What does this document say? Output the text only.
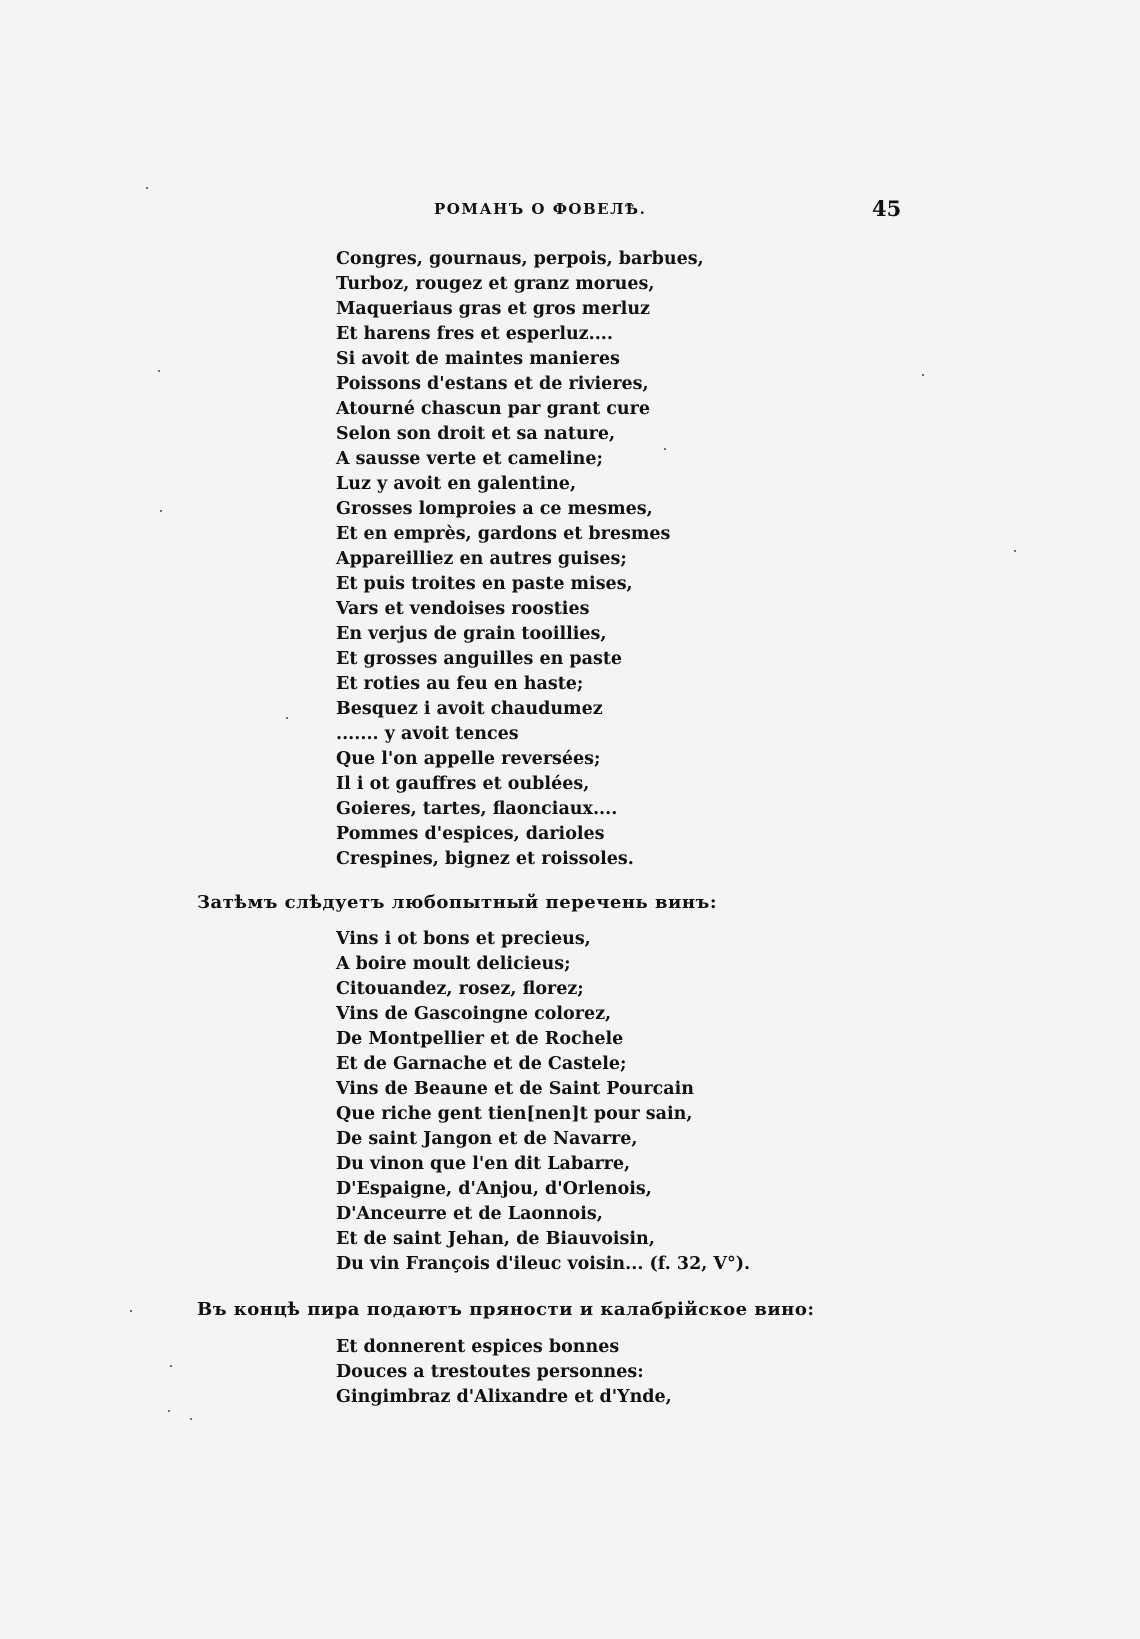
РОМАНЪ О ФОВЕЛѢ.	45
Congres, gournaus, perpois, barbues,
Turboz, rougez et granz morues,
Maqueriaus gras et gros merluz
Et harens fres et esperluz....
Si avoit de maintes manieres
Poissons d'estans et de rivieres,
Atourné chascun par grant cure
Selon son droit et sa nature,
A sausse verte et cameline;
Luz y avoit en galentine,
Grosses lomproies a ce mesmes,
Et en emprès, gardons et bresmes
Appareilliez en autres guises;
Et puis troites en paste mises,
Vars et vendoises roosties
En verjus de grain tooillies,
Et grosses anguilles en paste
Et roties au feu en haste;
Besquez i avoit chaudumez
....... y avoit tences
Que l'on appelle reversées;
Il i ot gauffres et oublées,
Goieres, tartes, flaonciaux....
Pommes d'espices, darioles
Crespines, bignez et roissoles.
Затѣмъ слѣдуетъ любопытный перечень винъ:
Vins i ot bons et precieus,
A boire moult delicieus;
Citouandez, rosez, florez;
Vins de Gascoingne colorez,
De Montpellier et de Rochele
Et de Garnache et de Castele;
Vins de Beaune et de Saint Pourcain
Que riche gent tien[nen]t pour sain,
De saint Jangon et de Navarre,
Du vinon que l'en dit Labarre,
D'Espaigne, d'Anjou, d'Orlenois,
D'Anceurre et de Laonnois,
Et de saint Jehan, de Biauvoisin,
Du vin François d'ileuc voisin... (f. 32, V°).
Въ концѣ пира подаютъ пряности и калабрійское вино:
Et donnerent espices bonnes
Douces a trestoutes personnes:
Gingimbraz d'Alixandre et d'Ynde,
